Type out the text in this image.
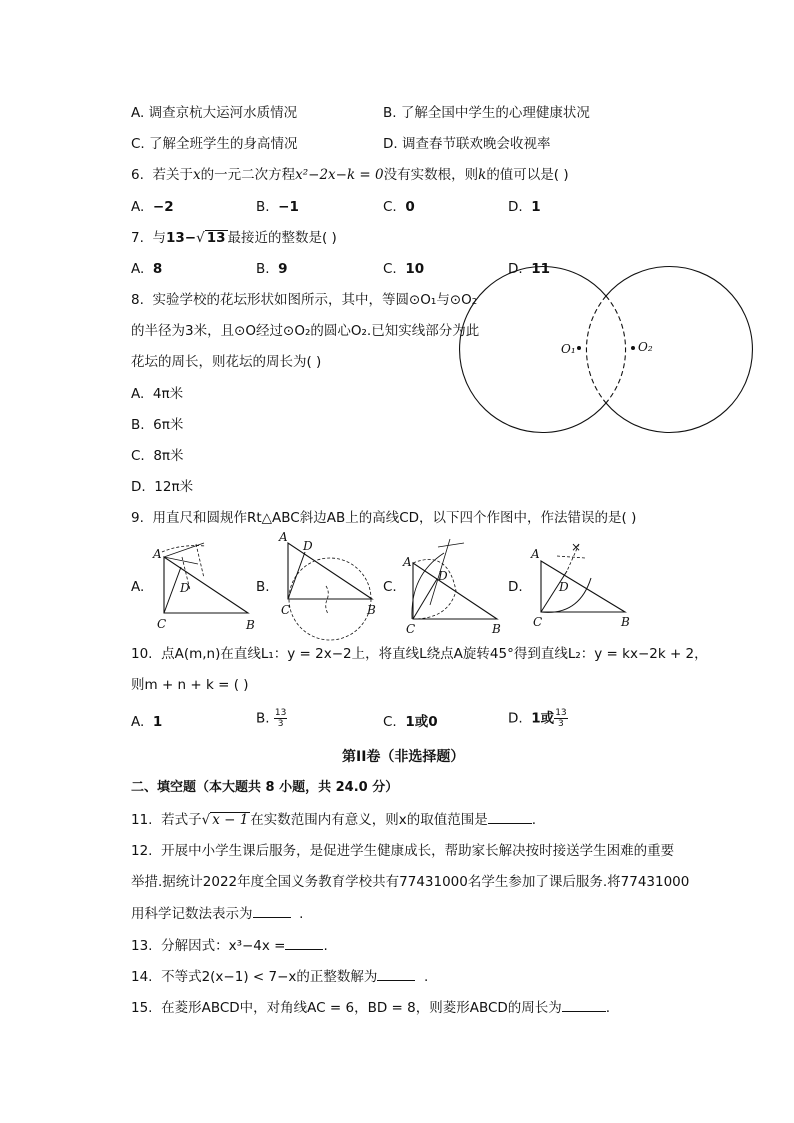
A. 调查京杭大运河水质情况	B. 了解全国中学生的心理健康状况
C. 了解全班学生的身高情况	D. 调查春节联欢晚会收视率
6. 若关于x的一元二次方程x²−2x−k = 0没有实数根，则k的值可以是( )
A. −2	B. −1	C. 0	D. 1
7. 与13−√ 13 最接近的整数是( )
A. 8	B. 9	C. 10	D. 11
8. 实验学校的花坛形状如图所示，其中，等圆⊙O₁与⊙O₂
的半径为3米，且⊙O经过⊙O₂的圆心O₂.已知实线部分为此
花坛的周长，则花坛的周长为( )
A. 4π米
B. 6π米
C. 8π米
D. 12π米
O₁	O₂
9. 用直尺和圆规作Rt△ABC斜边AB上的高线CD，以下四个作图中，作法错误的是( )
A.
A
D
C	B
B.
A
D
C	B
C.
A
D
C	B
D.
×
A
D
C	B
10. 点A(m,n)在直线L₁：y = 2x−2上，将直线L绕点A旋转45°得到直线L₂：y = kx−2k + 2，
则m + n + k = ( )
A. 1	B. $\frac{13}{3}$	C. 1或0	D. 1或 $\frac{13}{3}$
第II卷（非选择题）
二、填空题（本大题共 8 小题，共 24.0 分）
11. 若式子√ x − 1 在实数范围内有意义，则x的取值范围是	.
12. 开展中小学生课后服务，是促进学生健康成长，帮助家长解决按时接送学生困难的重要
举措.据统计2022年度全国义务教育学校共有77431000名学生参加了课后服务.将77431000
用科学记数法表示为	.
13. 分解因式：x³−4x =	.
14. 不等式2(x−1) < 7−x的正整数解为	.
15. 在菱形ABCD中，对角线AC = 6，BD = 8，则菱形ABCD的周长为	.
